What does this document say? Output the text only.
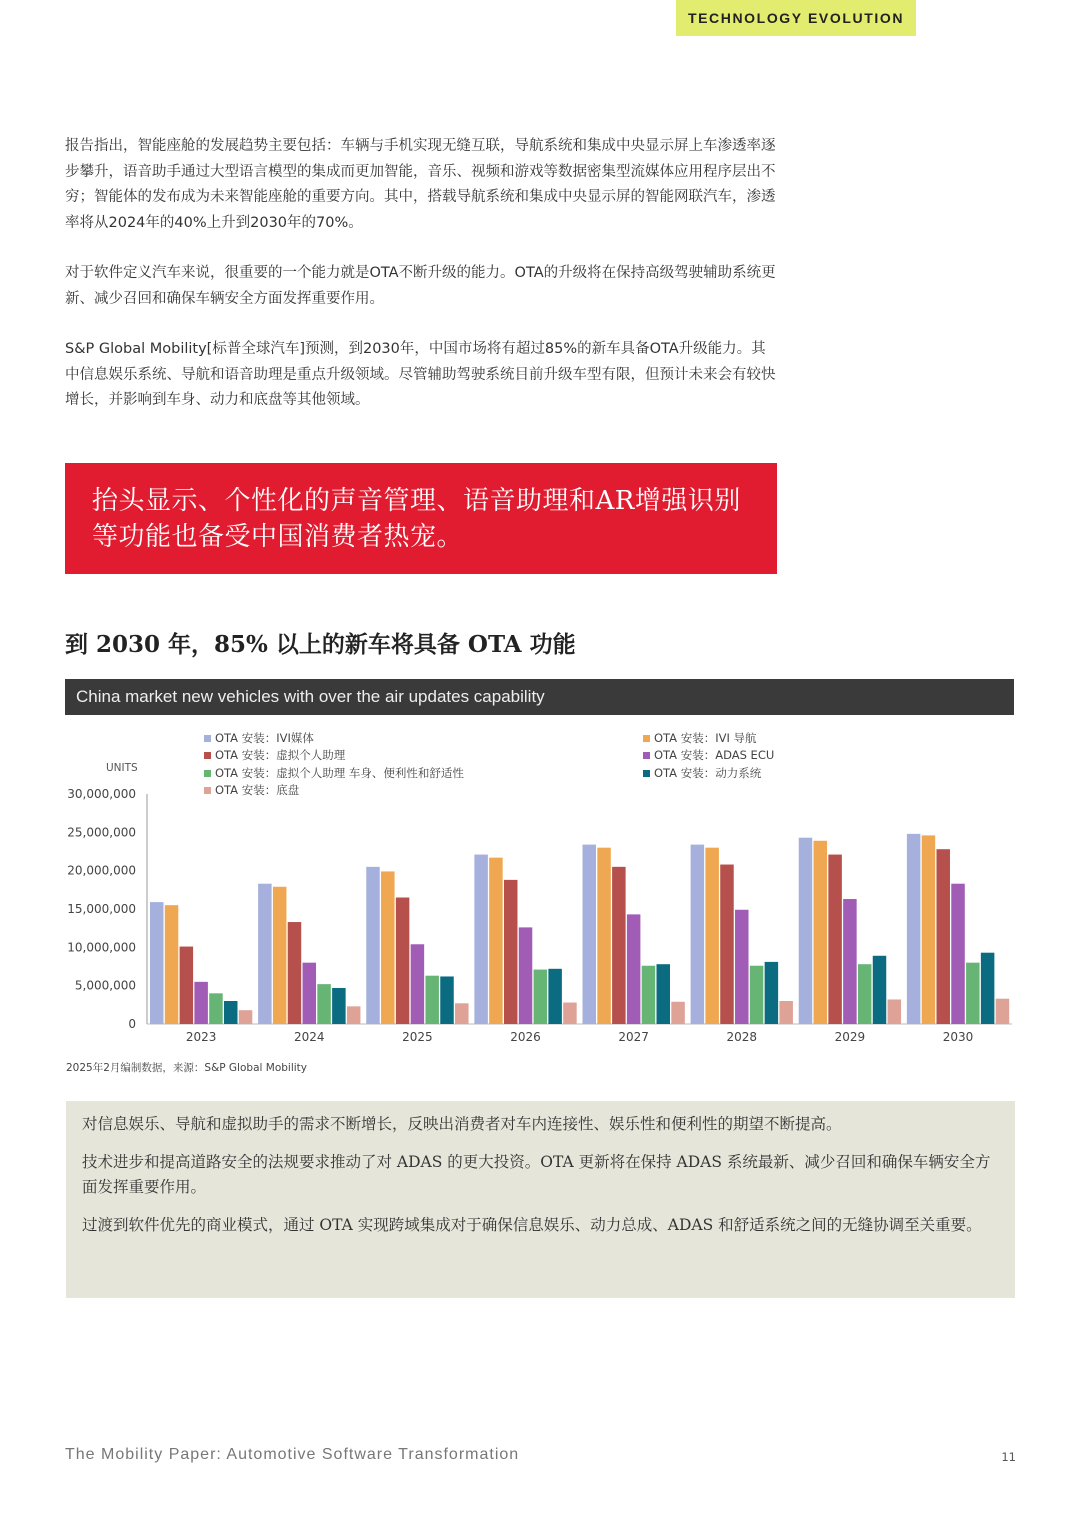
TECHNOLOGY EVOLUTION

报告指出，智能座舱的发展趋势主要包括：车辆与手机实现无缝互联，导航系统和集成中央显示屏上车渗透率逐步攀升，语音助手通过大型语言模型的集成而更加智能，音乐、视频和游戏等数据密集型流媒体应用程序层出不穷；智能体的发布成为未来智能座舱的重要方向。其中，搭载导航系统和集成中央显示屏的智能网联汽车，渗透率将从2024年的40%上升到2030年的70%。

对于软件定义汽车来说，很重要的一个能力就是OTA不断升级的能力。OTA的升级将在保持高级驾驶辅助系统更新、减少召回和确保车辆安全方面发挥重要作用。

S&P Global Mobility[标普全球汽车]预测，到2030年，中国市场将有超过85%的新车具备OTA升级能力。其中信息娱乐系统、导航和语音助理是重点升级领域。尽管辅助驾驶系统目前升级车型有限，但预计未来会有较快增长，并影响到车身、动力和底盘等其他领域。

抬头显示、个性化的声音管理、语音助理和AR增强识别等功能也备受中国消费者热宠。
到 2030 年，85% 以上的新车将具备 OTA 功能
China market new vehicles with over the air updates capability
OTA 安装：IVI媒体
OTA 安装：虚拟个人助理
OTA 安装：虚拟个人助理 车身、便利性和舒适性
OTA 安装：底盘
OTA 安装：IVI 导航
OTA 安装：ADAS ECU
OTA 安装：动力系统
UNITS
30,000,000
25,000,000
20,000,000
15,000,000
10,000,000
5,000,000
0
2023	2024	2025	2026	2027	2028	2029	2030
2025年2月编制数据，来源：S&P Global Mobility

对信息娱乐、导航和虚拟助手的需求不断增长，反映出消费者对车内连接性、娱乐性和便利性的期望不断提高。

技术进步和提高道路安全的法规要求推动了对 ADAS 的更大投资。OTA 更新将在保持 ADAS 系统最新、减少召回和确保车辆安全方面发挥重要作用。

过渡到软件优先的商业模式，通过 OTA 实现跨域集成对于确保信息娱乐、动力总成、ADAS 和舒适系统之间的无缝协调至关重要。

The Mobility Paper: Automotive Software Transformation	11
